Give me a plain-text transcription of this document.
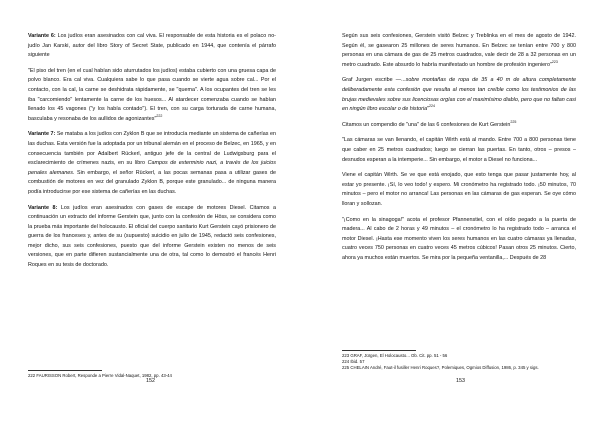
Variante 6: Los judíos eran asesinados con cal viva. El responsable de esta historia es el polaco no-judío Jan Karski, autor del libro Story of Secret State, publicado en 1944, que contenía el párrafo siguiente

"El piso del tren (en el cual habían sido aturrutados los judíos) estaba cubierto con una gruesa capa de polvo blanco. Era cal viva. Cualquiera sabe lo que pasa cuando se vierte agua sobre cal... Por el contacto, con la cal, la carne se deshidrata rápidamente, se "quema". A los ocupantes del tren se les iba "carcomiendo" lentamente la carne de los huesos... Al atardecer comenzaba cuando se habían llenado los 45 vagones ("y los había contado"). El tren, con su carga torturada de carne humana, basculaba y resonaba de los aullidos de agonizantes"$^{222}$

Variante 7: Se mataba a los judíos con Zyklon B que se introducía mediante un sistema de cañerías en las duchas. Esta versión fue la adoptada por un tribunal alemán en el proceso de Belzec, en 1965, y en consecuencia también por Adalbert Rückerl, antiguo jefe de la central de Ludwigsburg para el esclarecimiento de crímenes nazis, en su libro Campos de exterminio nazi, a través de los juicios penales alemanes. Sin embargo, el señor Rückerl, a las pocas semanas pasa a utilizar gases de combustión de motores en vez del granulado Zyklon B, porque este granulado... de ninguna manera podía introducirse por ese sistema de cañerías en las duchas.

Variante 8: Los judíos eran asesinados con gases de escape de motores Diesel. Citamos a continuación un extracto del informe Gerstein que, junto con la confesión de Höss, se considera como la prueba más importante del holocausto. El oficial del cuerpo sanitario Kurt Gerstein cayó prisionero de guerra de los franceses y, antes de su (supuesto) suicidio en julio de 1945, redactó seis confesiones, mejor dicho, sus seis confesiones, puesto que del informe Gerstein existen no menos de seis versiones, que en parte difieren sustancialmente una de otra, tal como lo demostró el francés Henri Roques en su tesis de doctorado.

222 FAURISSON Robert, Responde a Pierre Vidal-Naquet, 1982, pp. 43-44
152

Según sus seis confesiones, Gerstein visitó Belzec y Treblinka en el mes de agosto de 1942. Según él, se gasearon 25 millones de seres humanos. En Belzec se tenían entre 700 y 800 personas en una cámara de gas de 25 metros cuadrados, vale decir de 28 a 32 personas en un metro cuadrado. Este absurdo lo habría manifestado un hombre de profesión ingeniero"$^{223}$

Graf Jurgen escribe —...sobre montañas de ropa de 35 a 40 m de altura completamente deliberadamente esta confesión que resulta al menos tan creíble como los testimonios de las brujas medievales sobre sus licenciosas orgías con el maximísimo diablo, pero que no faltan casi en ningún libro escolar o de historia"$^{224}$

Citamos un compendio de "una" de las 6 confesiones de Kurt Gerstein$^{225}$

"Las cámaras se van llenando, el capitán Wirth está al mando. Entre 700 a 800 personas tiene que caber en 25 metros cuadrados; luego se cierran las puertas. En tanto, otros – presos – desnudos esperan a la intemperie... Sin embargo, el motor a Diesel no funciona...

Viene el capitán Wirth. Se ve que está enojado, que esto tenga que pasar justamente hoy, al estar yo presente. ¡Sí, lo veo todo! y espero. Mi cronómetro ha registrado todo. ¡50 minutos, 70 minutos – pero el motor no arranca! Las personas en las cámaras de gas esperan. Se oye cómo lloran y sollozan.

"¡Como en la sinagoga!" acota el profesor Pfannenstiel, con el oído pegado a la puerta de madera... Al cabo de 2 horas y 49 minutos – el cronómetro lo ha registrado todo – arranca el motor Diesel. ¡Hasta ese momento viven los seres humanos en las cuatro cámaras ya llenadas, cuatro veces 750 personas en cuatro veces 45 metros cúbicos! Pasan otros 25 minutos. Cierto, ahora ya muchos están muertos. Se mira por la pequeña ventanilla,... Después de 28

223 GRAF, Jürgen, El Holocausto... Ob. Cit. pp. 51 - 56
224 Ibid. 57
225 CHELAIN André, Faut-il fusiller Henri Roques?, Polemiques, Ogmios Diffusion, 1986, p. 345 y sigs.
153
